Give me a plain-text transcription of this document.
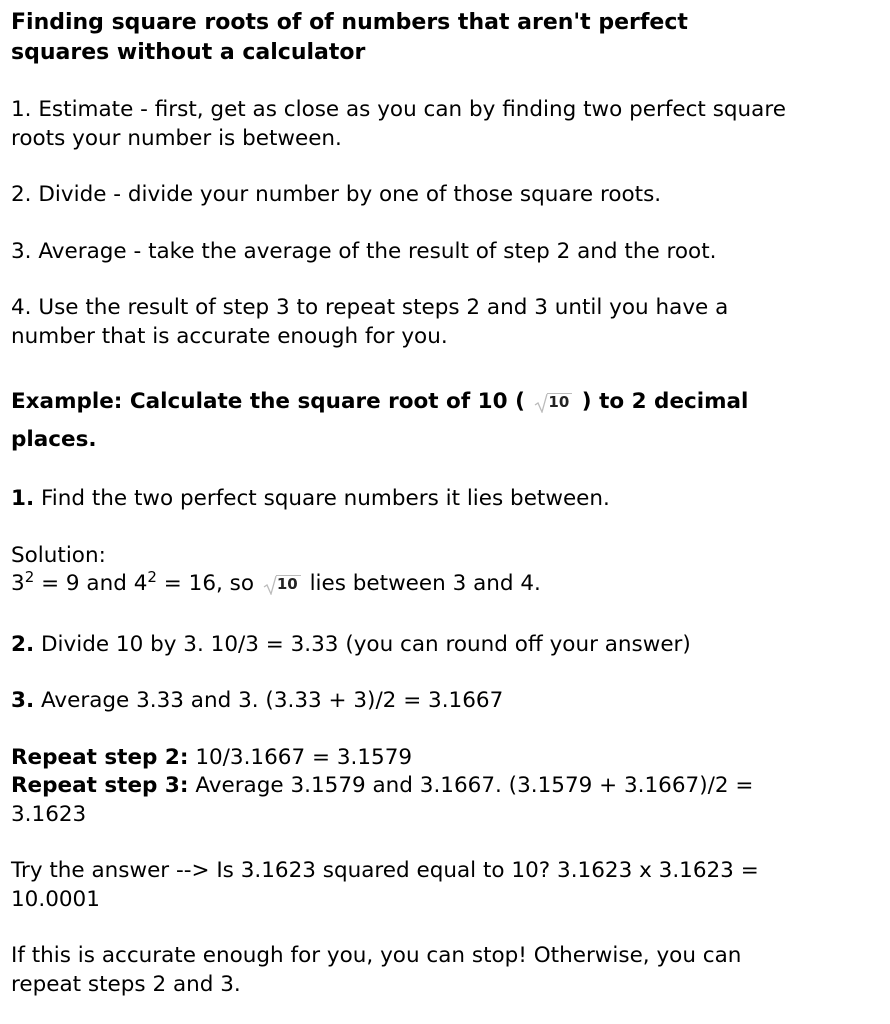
Finding square roots of of numbers that aren't perfect squares without a calculator

1. Estimate - first, get as close as you can by finding two perfect square roots your number is between.

2. Divide - divide your number by one of those square roots.

3. Average - take the average of the result of step 2 and the root.

4. Use the result of step 3 to repeat steps 2 and 3 until you have a number that is accurate enough for you.

Example: Calculate the square root of 10 ( 10 ) to 2 decimal places.

1. Find the two perfect square numbers it lies between.

Solution:

$3^2 = 9$ and $4^2 = 16$, so
10 lies between 3 and 4.

2. Divide 10 by 3. 10/3 = 3.33 (you can round off your answer)

3. Average 3.33 and 3. (3.33 + 3)/2 = 3.1667

Repeat step 2: 10/3.1667 = 3.1579

Repeat step 3: Average 3.1579 and 3.1667. (3.1579 + 3.1667)/2 = 3.1623

Try the answer --> Is 3.1623 squared equal to 10? 3.1623 x 3.1623 = 10.0001

If this is accurate enough for you, you can stop! Otherwise, you can repeat steps 2 and 3.
